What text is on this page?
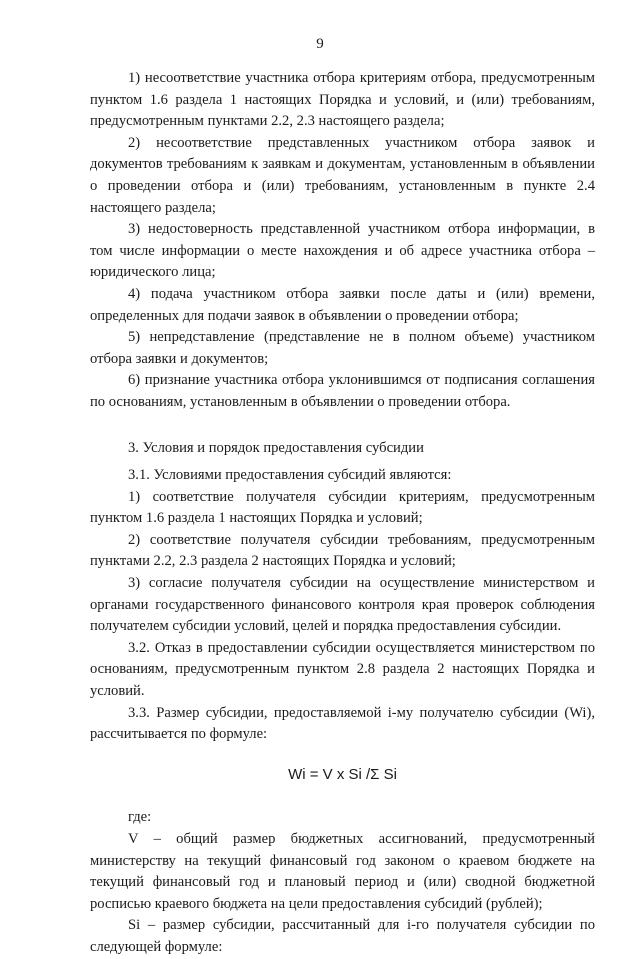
9

1) несоответствие участника отбора критериям отбора, предусмотренным пунктом 1.6 раздела 1 настоящих Порядка и условий, и (или) требованиям, предусмотренным пунктами 2.2, 2.3 настоящего раздела;

2) несоответствие представленных участником отбора заявок и документов требованиям к заявкам и документам, установленным в объявлении о проведении отбора и (или) требованиям, установленным в пункте 2.4 настоящего раздела;

3) недостоверность представленной участником отбора информации, в том числе информации о месте нахождения и об адресе участника отбора – юридического лица;

4) подача участником отбора заявки после даты и (или) времени, определенных для подачи заявок в объявлении о проведении отбора;

5) непредставление (представление не в полном объеме) участником отбора заявки и документов;

6) признание участника отбора уклонившимся от подписания соглашения по основаниям, установленным в объявлении о проведении отбора.

3. Условия и порядок предоставления субсидии

3.1. Условиями предоставления субсидий являются:

1) соответствие получателя субсидии критериям, предусмотренным пунктом 1.6 раздела 1 настоящих Порядка и условий;

2) соответствие получателя субсидии требованиям, предусмотренным пунктами 2.2, 2.3 раздела 2 настоящих Порядка и условий;

3) согласие получателя субсидии на осуществление министерством и органами государственного финансового контроля края проверок соблюдения получателем субсидии условий, целей и порядка предоставления субсидии.

3.2. Отказ в предоставлении субсидии осуществляется министерством по основаниям, предусмотренным пунктом 2.8 раздела 2 настоящих Порядка и условий.

3.3. Размер субсидии, предоставляемой i-му получателю субсидии (Wi), рассчитывается по формуле:

Wi = V x Si /Σ Si

где:

V – общий размер бюджетных ассигнований, предусмотренный министерству на текущий финансовый год законом о краевом бюджете на текущий финансовый год и плановый период и (или) сводной бюджетной росписью краевого бюджета на цели предоставления субсидий (рублей);

Si – размер субсидии, рассчитанный для i-го получателя субсидии по следующей формуле:
